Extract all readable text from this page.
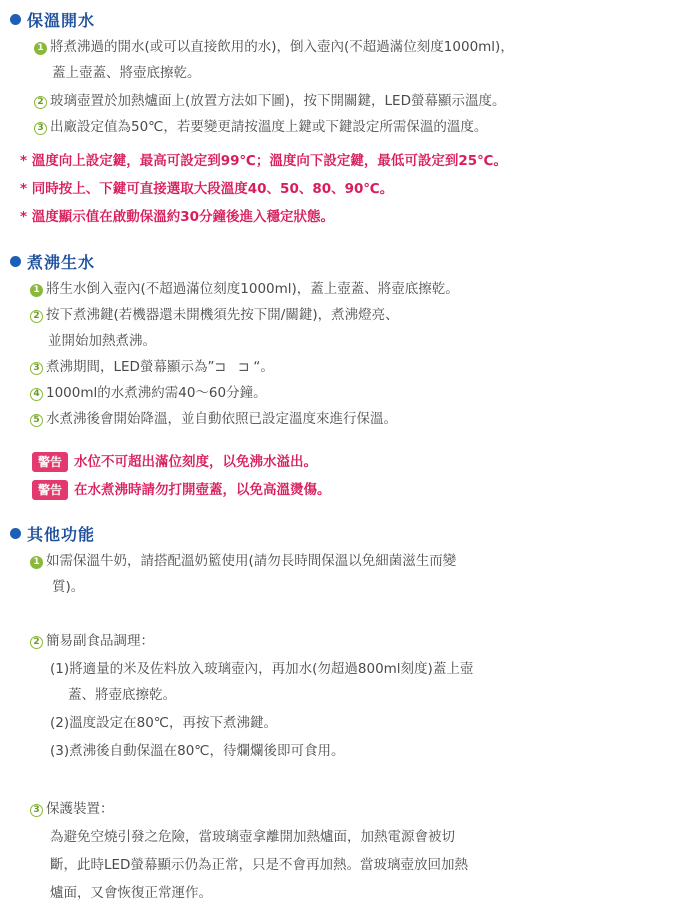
保溫開水
1 將煮沸過的開水(或可以直接飲用的水)，倒入壺內(不超過滿位刻度1000ml)，
蓋上壺蓋、將壺底擦乾。
2 玻璃壺置於加熱爐面上(放置方法如下圖)，按下開關鍵，LED螢幕顯示溫度。
3 出廠設定值為50℃，若要變更請按溫度上鍵或下鍵設定所需保溫的溫度。
* 溫度向上設定鍵，最高可設定到99℃；溫度向下設定鍵，最低可設定到25℃。
* 同時按上、下鍵可直接選取大段溫度40、50、80、90℃。
* 溫度顯示值在啟動保溫約30分鐘後進入穩定狀態。
煮沸生水
1 將生水倒入壺內(不超過滿位刻度1000ml)，蓋上壺蓋、將壺底擦乾。
2 按下煮沸鍵(若機器還未開機須先按下開/關鍵)，煮沸燈亮、
並開始加熱煮沸。
3 煮沸期間，LED螢幕顯示為”⊐ ⊐“。
4 1000ml的水煮沸約需40～60分鐘。
5 水煮沸後會開始降溫，並自動依照已設定溫度來進行保溫。
警告 水位不可超出滿位刻度，以免沸水溢出。
警告 在水煮沸時請勿打開壺蓋，以免高溫燙傷。
其他功能
1 如需保溫牛奶，請搭配溫奶籃使用(請勿長時間保溫以免細菌滋生而變
質)。
2 簡易副食品調理：
(1)將適量的米及佐料放入玻璃壺內，再加水(勿超過800ml刻度)蓋上壺
蓋、將壺底擦乾。
(2)溫度設定在80℃，再按下煮沸鍵。
(3)煮沸後自動保溫在80℃，待爛爛後即可食用。
3 保護裝置：
為避免空燒引發之危險，當玻璃壺拿離開加熱爐面，加熱電源會被切
斷，此時LED螢幕顯示仍為正常，只是不會再加熱。當玻璃壺放回加熱
爐面，又會恢復正常運作。
